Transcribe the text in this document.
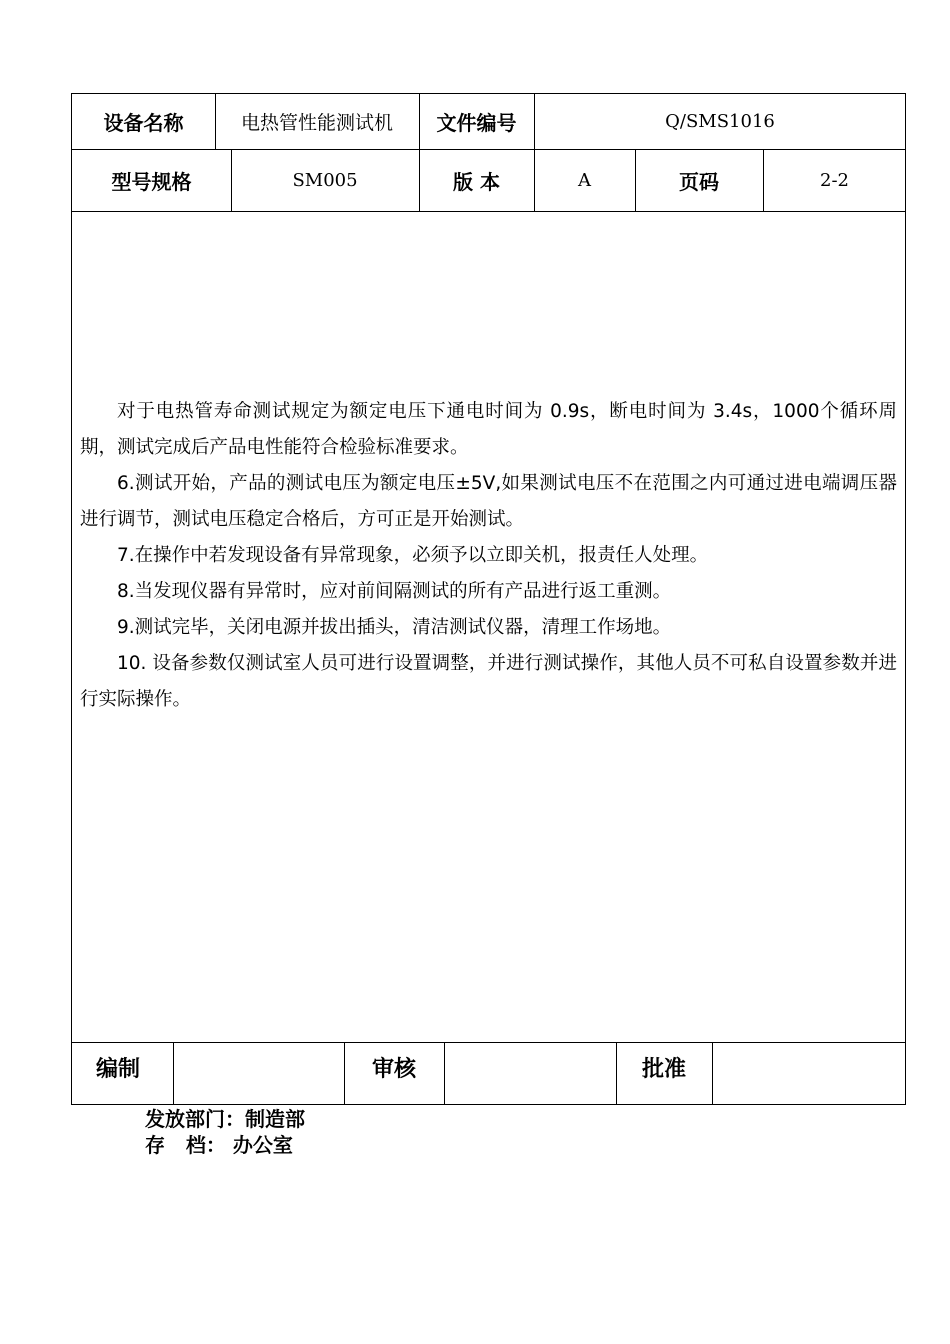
设备名称	电热管性能测试机	文件编号	Q/SMS1016
型号规格	SM005	版 本	A	页码	2-2

对于电热管寿命测试规定为额定电压下通电时间为 0.9s，断电时间为 3.4s，1000个循环周期，测试完成后产品电性能符合检验标准要求。

6.测试开始，产品的测试电压为额定电压±5V,如果测试电压不在范围之内可通过进电端调压器进行调节，测试电压稳定合格后，方可正是开始测试。

7.在操作中若发现设备有异常现象，必须予以立即关机，报责任人处理。

8.当发现仪器有异常时，应对前间隔测试的所有产品进行返工重测。

9.测试完毕，关闭电源并拔出插头，清洁测试仪器，清理工作场地。

10. 设备参数仅测试室人员可进行设置调整，并进行测试操作，其他人员不可私自设置参数并进行实际操作。

编制	审核	批准
发放部门：制造部
存   档： 办公室
